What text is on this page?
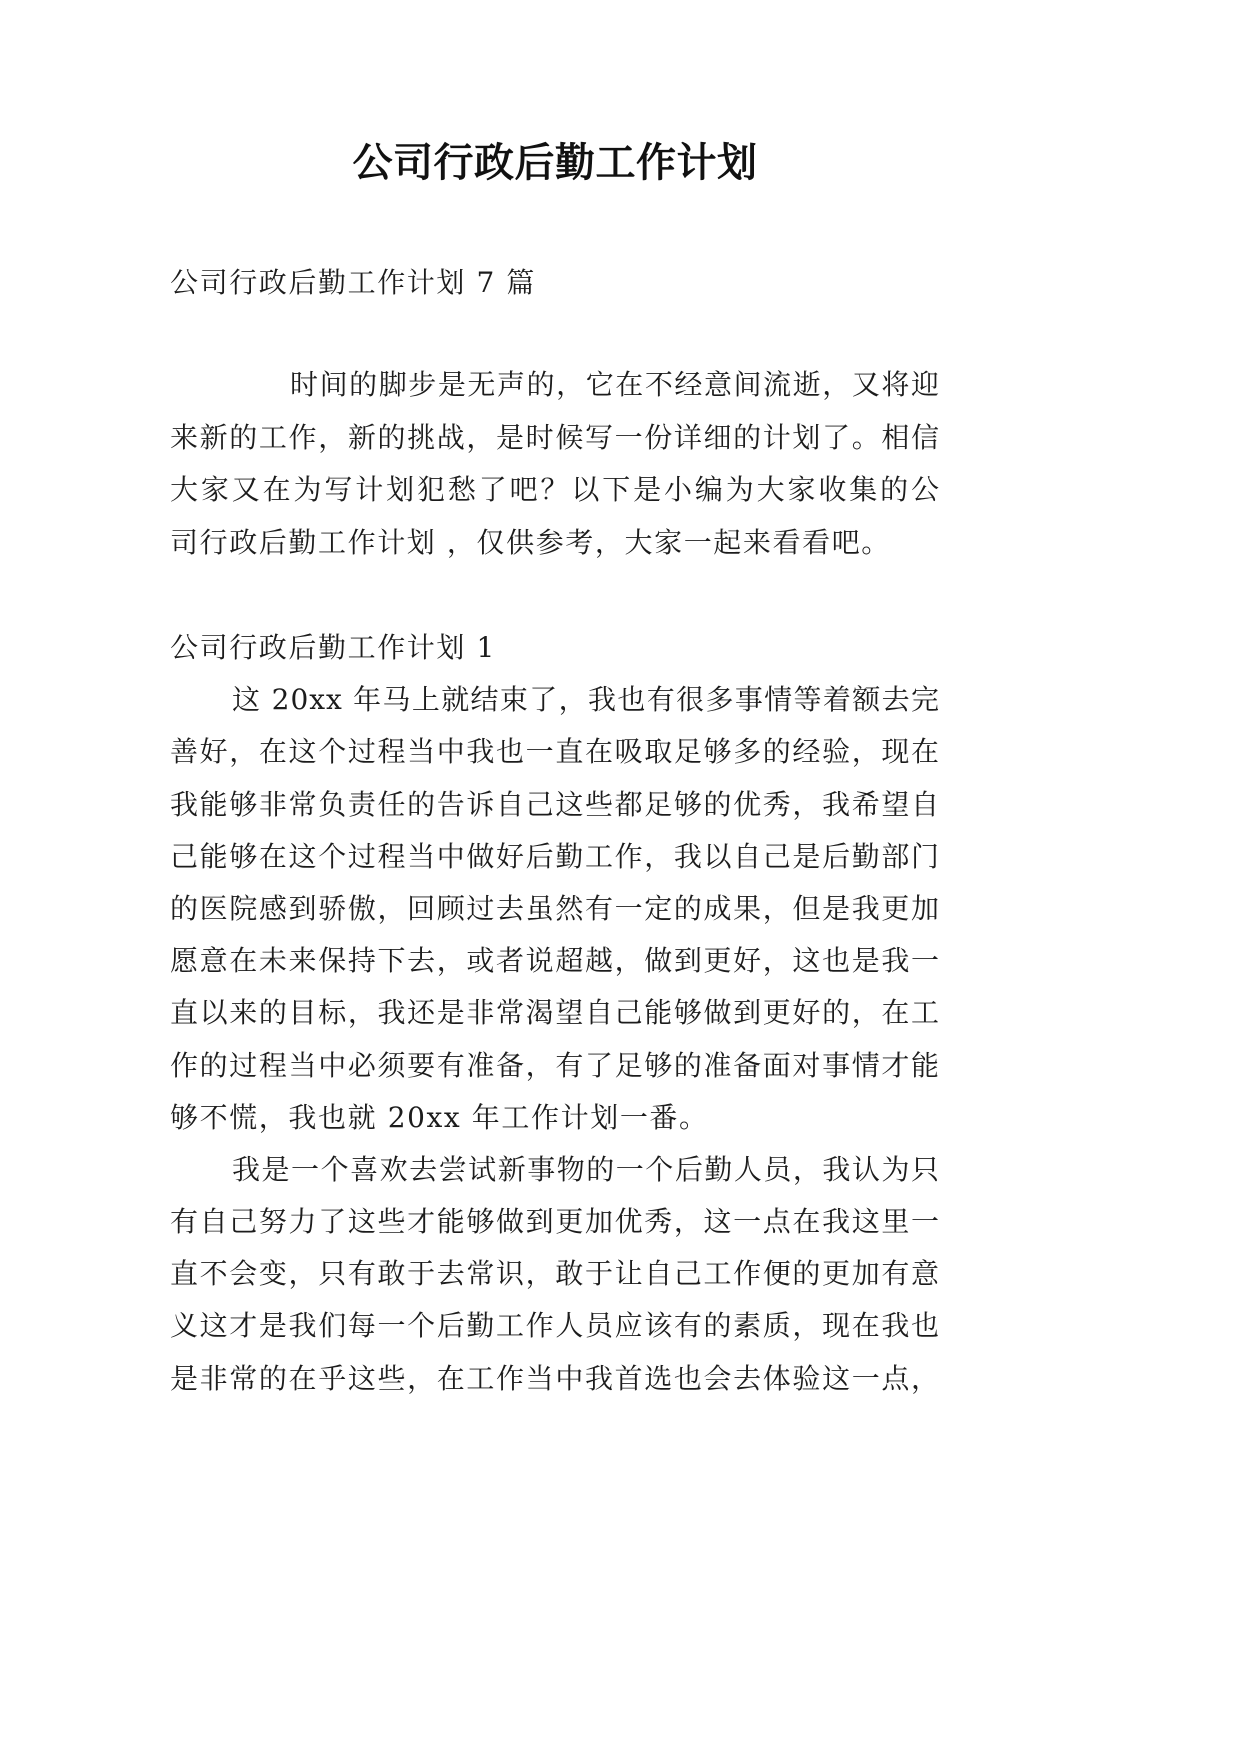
公司行政后勤工作计划
公司行政后勤工作计划 7 篇
时间的脚步是无声的，它在不经意间流逝，又将迎
来新的工作，新的挑战，是时候写一份详细的计划了。相信
大家又在为写计划犯愁了吧？以下是小编为大家收集的公
司行政后勤工作计划 ，仅供参考，大家一起来看看吧。
公司行政后勤工作计划 1
这 20xx 年马上就结束了，我也有很多事情等着额去完
善好，在这个过程当中我也一直在吸取足够多的经验，现在
我能够非常负责任的告诉自己这些都足够的优秀，我希望自
己能够在这个过程当中做好后勤工作，我以自己是后勤部门
的医院感到骄傲，回顾过去虽然有一定的成果，但是我更加
愿意在未来保持下去，或者说超越，做到更好，这也是我一
直以来的目标，我还是非常渴望自己能够做到更好的，在工
作的过程当中必须要有准备，有了足够的准备面对事情才能
够不慌，我也就 20xx 年工作计划一番。
我是一个喜欢去尝试新事物的一个后勤人员，我认为只
有自己努力了这些才能够做到更加优秀，这一点在我这里一
直不会变，只有敢于去常识，敢于让自己工作便的更加有意
义这才是我们每一个后勤工作人员应该有的素质，现在我也
是非常的在乎这些，在工作当中我首选也会去体验这一点，
